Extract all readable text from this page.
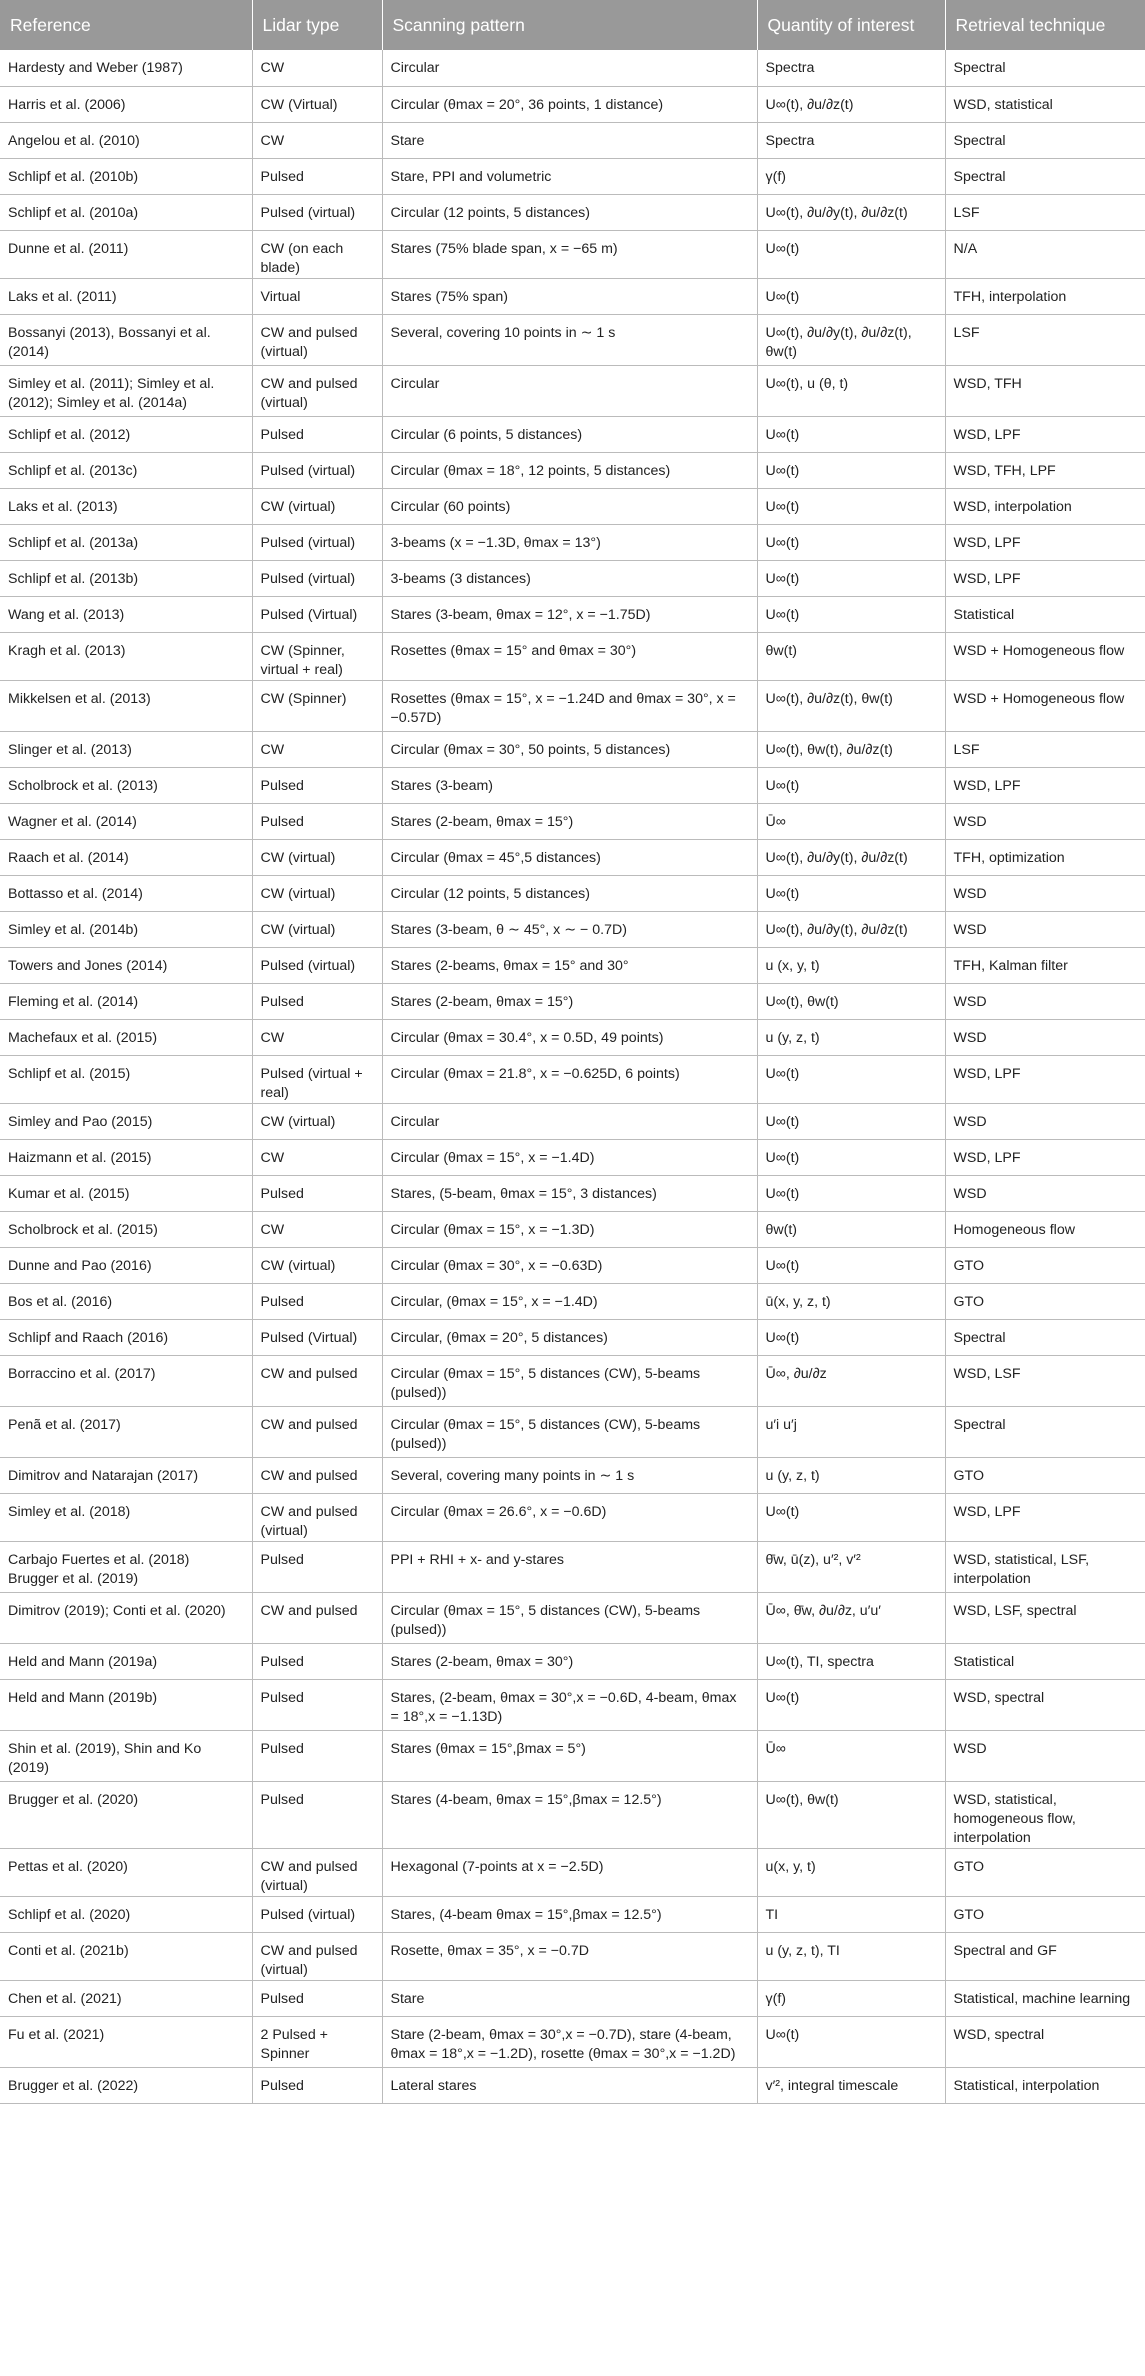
Reference	Lidar type	Scanning pattern	Quantity of interest	Retrieval technique
Hardesty and Weber (1987)	CW	Circular	Spectra	Spectral
Harris et al. (2006)	CW (Virtual)	Circular (θmax = 20°, 36 points, 1 distance)	U∞(t), ∂u/∂z(t)	WSD, statistical
Angelou et al. (2010)	CW	Stare	Spectra	Spectral
Schlipf et al. (2010b)	Pulsed	Stare, PPI and volumetric	γ(f)	Spectral
Schlipf et al. (2010a)	Pulsed (virtual)	Circular (12 points, 5 distances)	U∞(t), ∂u/∂y(t), ∂u/∂z(t)	LSF
Dunne et al. (2011)	CW (on each blade)	Stares (75% blade span, x = −65 m)	U∞(t)	N/A
Laks et al. (2011)	Virtual	Stares (75% span)	U∞(t)	TFH, interpolation
Bossanyi (2013), Bossanyi et al. (2014)	CW and pulsed (virtual)	Several, covering 10 points in ∼ 1 s	U∞(t), ∂u/∂y(t), ∂u/∂z(t), θw(t)	LSF
Simley et al. (2011); Simley et al. (2012); Simley et al. (2014a)	CW and pulsed (virtual)	Circular	U∞(t), u (θ, t)	WSD, TFH
Schlipf et al. (2012)	Pulsed	Circular (6 points, 5 distances)	U∞(t)	WSD, LPF
Schlipf et al. (2013c)	Pulsed (virtual)	Circular (θmax = 18°, 12 points, 5 distances)	U∞(t)	WSD, TFH, LPF
Laks et al. (2013)	CW (virtual)	Circular (60 points)	U∞(t)	WSD, interpolation
Schlipf et al. (2013a)	Pulsed (virtual)	3-beams (x = −1.3D, θmax = 13°)	U∞(t)	WSD, LPF
Schlipf et al. (2013b)	Pulsed (virtual)	3-beams (3 distances)	U∞(t)	WSD, LPF
Wang et al. (2013)	Pulsed (Virtual)	Stares (3-beam, θmax = 12°, x = −1.75D)	U∞(t)	Statistical
Kragh et al. (2013)	CW (Spinner, virtual + real)	Rosettes (θmax = 15° and θmax = 30°)	θw(t)	WSD + Homogeneous flow
Mikkelsen et al. (2013)	CW (Spinner)	Rosettes (θmax = 15°, x = −1.24D and θmax = 30°, x = −0.57D)	U∞(t), ∂u/∂z(t), θw(t)	WSD + Homogeneous flow
Slinger et al. (2013)	CW	Circular (θmax = 30°, 50 points, 5 distances)	U∞(t), θw(t), ∂u/∂z(t)	LSF
Scholbrock et al. (2013)	Pulsed	Stares (3-beam)	U∞(t)	WSD, LPF
Wagner et al. (2014)	Pulsed	Stares (2-beam, θmax = 15°)	Ū∞	WSD
Raach et al. (2014)	CW (virtual)	Circular (θmax = 45°,5 distances)	U∞(t), ∂u/∂y(t), ∂u/∂z(t)	TFH, optimization
Bottasso et al. (2014)	CW (virtual)	Circular (12 points, 5 distances)	U∞(t)	WSD
Simley et al. (2014b)	CW (virtual)	Stares (3-beam, θ ∼ 45°, x ∼ − 0.7D)	U∞(t), ∂u/∂y(t), ∂u/∂z(t)	WSD
Towers and Jones (2014)	Pulsed (virtual)	Stares (2-beams, θmax = 15° and 30°	u (x, y, t)	TFH, Kalman filter
Fleming et al. (2014)	Pulsed	Stares (2-beam, θmax = 15°)	U∞(t), θw(t)	WSD
Machefaux et al. (2015)	CW	Circular (θmax = 30.4°, x = 0.5D, 49 points)	u (y, z, t)	WSD
Schlipf et al. (2015)	Pulsed (virtual + real)	Circular (θmax = 21.8°, x = −0.625D, 6 points)	U∞(t)	WSD, LPF
Simley and Pao (2015)	CW (virtual)	Circular	U∞(t)	WSD
Haizmann et al. (2015)	CW	Circular (θmax = 15°, x = −1.4D)	U∞(t)	WSD, LPF
Kumar et al. (2015)	Pulsed	Stares, (5-beam, θmax = 15°, 3 distances)	U∞(t)	WSD
Scholbrock et al. (2015)	CW	Circular (θmax = 15°, x = −1.3D)	θw(t)	Homogeneous flow
Dunne and Pao (2016)	CW (virtual)	Circular (θmax = 30°, x = −0.63D)	U∞(t)	GTO
Bos et al. (2016)	Pulsed	Circular, (θmax = 15°, x = −1.4D)	ū(x, y, z, t)	GTO
Schlipf and Raach (2016)	Pulsed (Virtual)	Circular, (θmax = 20°, 5 distances)	U∞(t)	Spectral
Borraccino et al. (2017)	CW and pulsed	Circular (θmax = 15°, 5 distances (CW), 5-beams (pulsed))	Ū∞, ∂u/∂z	WSD, LSF
Penã et al. (2017)	CW and pulsed	Circular (θmax = 15°, 5 distances (CW), 5-beams (pulsed))	u′i u′j	Spectral
Dimitrov and Natarajan (2017)	CW and pulsed	Several, covering many points in ∼ 1 s	u (y, z, t)	GTO
Simley et al. (2018)	CW and pulsed (virtual)	Circular (θmax = 26.6°, x = −0.6D)	U∞(t)	WSD, LPF
Carbajo Fuertes et al. (2018) Brugger et al. (2019)	Pulsed	PPI + RHI + x- and y-stares	θ̄w, ū(z), u′², v′²	WSD, statistical, LSF, interpolation
Dimitrov (2019); Conti et al. (2020)	CW and pulsed	Circular (θmax = 15°, 5 distances (CW), 5-beams (pulsed))	Ū∞, θ̄w, ∂u/∂z, u′u′	WSD, LSF, spectral
Held and Mann (2019a)	Pulsed	Stares (2-beam, θmax = 30°)	U∞(t), TI, spectra	Statistical
Held and Mann (2019b)	Pulsed	Stares, (2-beam, θmax = 30°,x = −0.6D, 4-beam, θmax = 18°,x = −1.13D)	U∞(t)	WSD, spectral
Shin et al. (2019), Shin and Ko (2019)	Pulsed	Stares (θmax = 15°,βmax = 5°)	Ū∞	WSD
Brugger et al. (2020)	Pulsed	Stares (4-beam, θmax = 15°,βmax = 12.5°)	U∞(t), θw(t)	WSD, statistical, homogeneous flow, interpolation
Pettas et al. (2020)	CW and pulsed (virtual)	Hexagonal (7-points at x = −2.5D)	u(x, y, t)	GTO
Schlipf et al. (2020)	Pulsed (virtual)	Stares, (4-beam θmax = 15°,βmax = 12.5°)	TI	GTO
Conti et al. (2021b)	CW and pulsed (virtual)	Rosette, θmax = 35°, x = −0.7D	u (y, z, t), TI	Spectral and GF
Chen et al. (2021)	Pulsed	Stare	γ(f)	Statistical, machine learning
Fu et al. (2021)	2 Pulsed + Spinner	Stare (2-beam, θmax = 30°,x = −0.7D), stare (4-beam, θmax = 18°,x = −1.2D), rosette (θmax = 30°,x = −1.2D)	U∞(t)	WSD, spectral
Brugger et al. (2022)	Pulsed	Lateral stares	v′², integral timescale	Statistical, interpolation
